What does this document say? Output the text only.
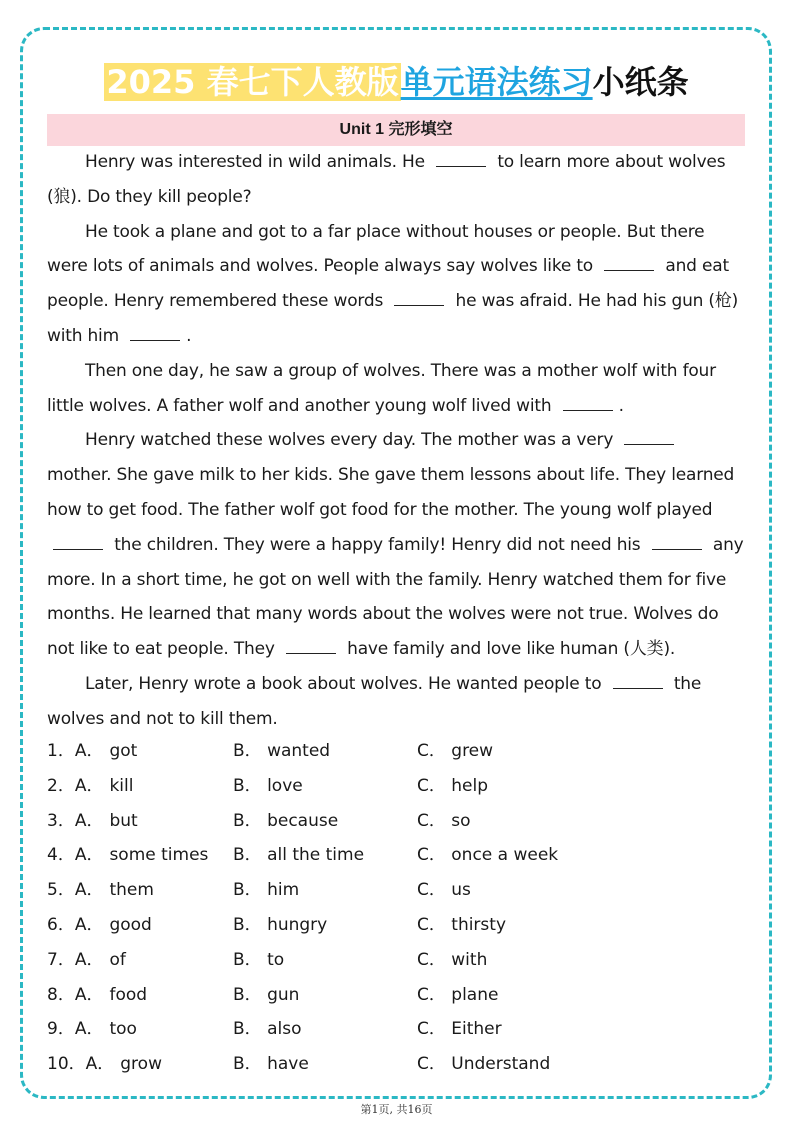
2025 春七下人教版单元语法练习小纸条
Unit 1 完形填空

Henry was interested in wild animals. He	to learn more about wolves (狼). Do they kill people?

He took a plane and got to a far place without houses or people. But there were lots of animals and wolves. People always say wolves like to	and eat people. Henry remembered these words	he was afraid. He had his gun (枪) with him	.

Then one day, he saw a group of wolves. There was a mother wolf with four little wolves. A father wolf and another young wolf lived with	.

Henry watched these wolves every day. The mother was a very  mother. She gave milk to her kids. She gave them lessons about life. They learned how to get food. The father wolf got food for the mother. The young wolf played  the children. They were a happy family! Henry did not need his	any more. In a short time, he got on well with the family. Henry watched them for five months. He learned that many words about the wolves were not true. Wolves do not like to eat people. They	have family and love like human (人类).

Later, Henry wrote a book about wolves. He wanted people to	the wolves and not to kill them.

1．A． got	B． wanted	C． grew
2．A． kill	B． love	C． help
3．A． but	B． because	C． so
4．A． some times B． all the time	C． once a week
5．A． them	B． him	C． us
6．A． good	B． hungry	C． thirsty
7．A． of	B． to	C． with
8．A． food	B． gun	C． plane
9．A． too	B． also	C． Either
10．A． grow	B． have	C． Understand
第1页, 共16页
